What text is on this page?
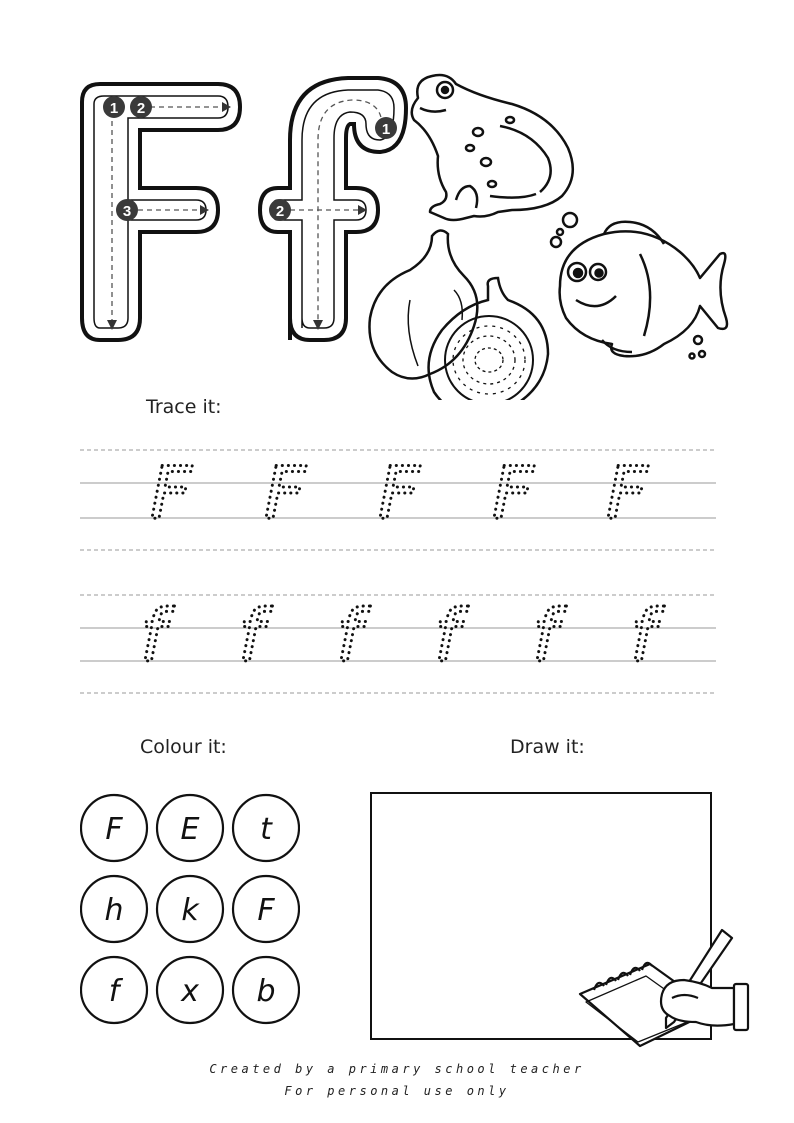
1 2
3
1
2
Trace it:
Colour it:	Draw it:
F F F F F
f f f f f f
F E t
h k F
f x b
Created by a primary school teacher
For personal use only
